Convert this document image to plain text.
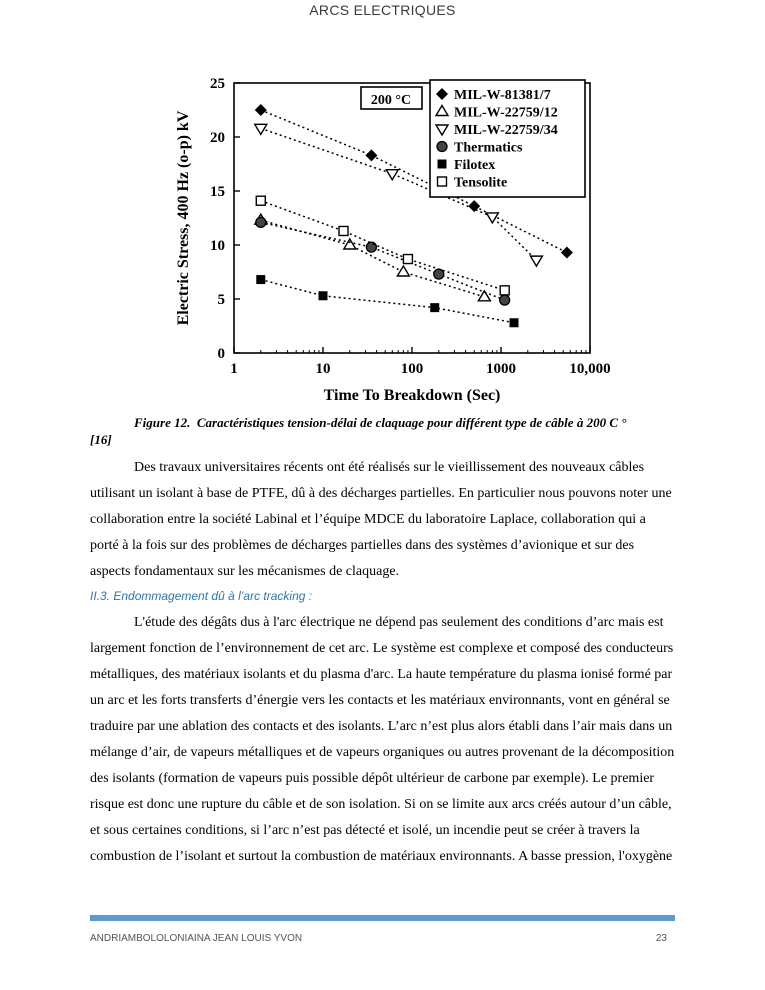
ARCS ELECTRIQUES
0
5
10
15
20
25
1	10	100	1000	10,000
Time To Breakdown (Sec)
Electric Stress, 400 Hz (o-p) kV
200 °C	MIL-W-81381/7
MIL-W-22759/12
MIL-W-22759/34
Thermatics
Filotex
Tensolite
Figure 12. Caractéristiques tension-délai de claquage pour différent type de câble à 200 C °
[16]
Des travaux universitaires récents ont été réalisés sur le vieillissement des nouveaux câbles utilisant un isolant à base de PTFE, dû à des décharges partielles. En particulier nous pouvons noter une collaboration entre la société Labinal et l’équipe MDCE du laboratoire Laplace, collaboration qui a porté à la fois sur des problèmes de décharges partielles dans des systèmes d’avionique et sur des aspects fondamentaux sur les mécanismes de claquage.
II.3. Endommagement dû à l’arc tracking :
L'étude des dégâts dus à l'arc électrique ne dépend pas seulement des conditions d’arc mais est largement fonction de l’environnement de cet arc. Le système est complexe et composé des conducteurs métalliques, des matériaux isolants et du plasma d'arc. La haute température du plasma ionisé formé par un arc et les forts transferts d’énergie vers les contacts et les matériaux environnants, vont en général se traduire par une ablation des contacts et des isolants. L’arc n’est plus alors établi dans l’air mais dans un mélange d’air, de vapeurs métalliques et de vapeurs organiques ou autres provenant de la décomposition des isolants (formation de vapeurs puis possible dépôt ultérieur de carbone par exemple). Le premier risque est donc une rupture du câble et de son isolation. Si on se limite aux arcs créés autour d’un câble, et sous certaines conditions, si l’arc n’est pas détecté et isolé, un incendie peut se créer à travers la combustion de l’isolant et surtout la combustion de matériaux environnants. A basse pression, l'oxygène
ANDRIAMBOLOLONIAINA JEAN LOUIS YVON	23
